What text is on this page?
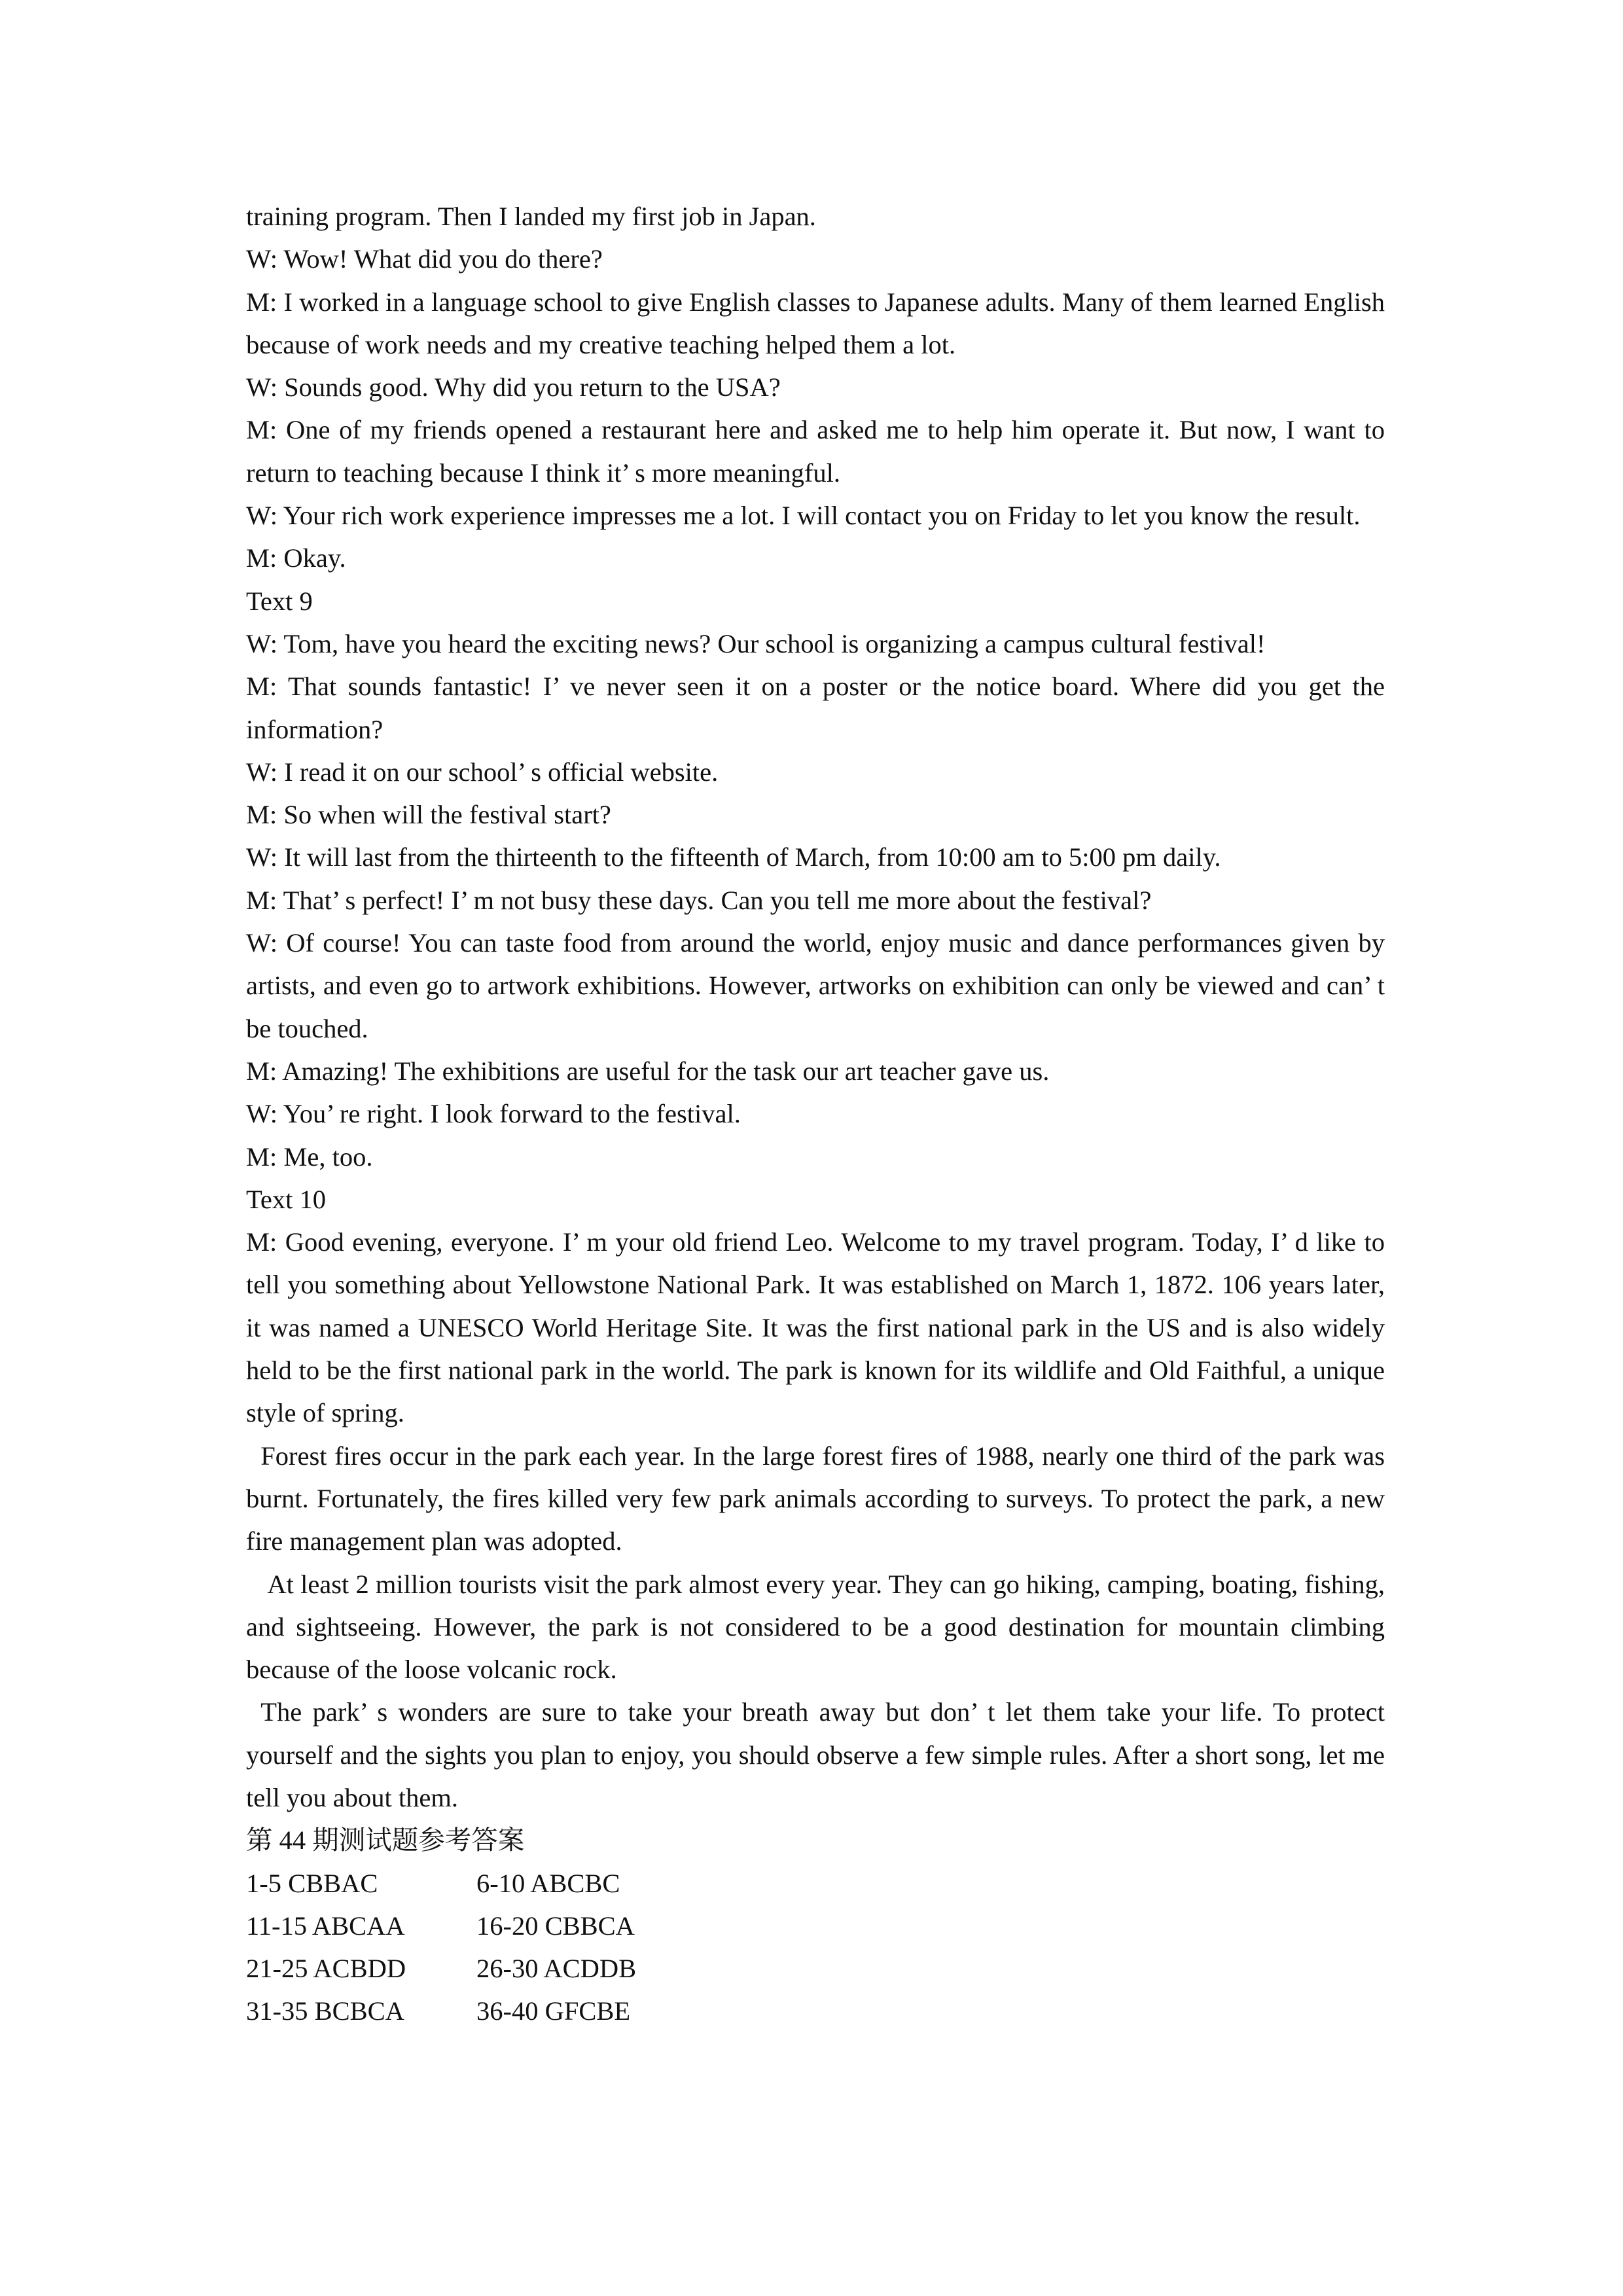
training program. Then I landed my first job in Japan.

W: Wow! What did you do there?

M: I worked in a language school to give English classes to Japanese adults. Many of them learned English because of work needs and my creative teaching helped them a lot.

W: Sounds good. Why did you return to the USA?

M: One of my friends opened a restaurant here and asked me to help him operate it. But now, I want to return to teaching because I think it’ s more meaningful.

W: Your rich work experience impresses me a lot. I will contact you on Friday to let you know the result.

M: Okay.

Text 9

W: Tom, have you heard the exciting news? Our school is organizing a campus cultural festival!

M: That sounds fantastic! I’ ve never seen it on a poster or the notice board. Where did you get the information?

W: I read it on our school’ s official website.

M: So when will the festival start?

W: It will last from the thirteenth to the fifteenth of March, from 10:00 am to 5:00 pm daily.

M: That’ s perfect! I’ m not busy these days. Can you tell me more about the festival?

W: Of course! You can taste food from around the world, enjoy music and dance performances given by artists, and even go to artwork exhibitions. However, artworks on exhibition can only be viewed and can’ t be touched.

M: Amazing! The exhibitions are useful for the task our art teacher gave us.

W: You’ re right. I look forward to the festival.

M: Me, too.

Text 10

M: Good evening, everyone. I’ m your old friend Leo. Welcome to my travel program. Today, I’ d like to tell you something about Yellowstone National Park. It was established on March 1, 1872. 106 years later, it was named a UNESCO World Heritage Site. It was the first national park in the US and is also widely held to be the first national park in the world. The park is known for its wildlife and Old Faithful, a unique style of spring.

Forest fires occur in the park each year. In the large forest fires of 1988, nearly one third of the park was burnt. Fortunately, the fires killed very few park animals according to surveys. To protect the park, a new fire management plan was adopted.

At least 2 million tourists visit the park almost every year. They can go hiking, camping, boating, fishing, and sightseeing. However, the park is not considered to be a good destination for mountain climbing because of the loose volcanic rock.

The park’ s wonders are sure to take your breath away but don’ t let them take your life. To protect yourself and the sights you plan to enjoy, you should observe a few simple rules. After a short song, let me tell you about them.

第 44 期测试题参考答案

1-5 CBBAC	6-10 ABCBC
11-15 ABCAA	16-20 CBBCA
21-25 ACBDD	26-30 ACDDB
31-35 BCBCA	36-40 GFCBE
